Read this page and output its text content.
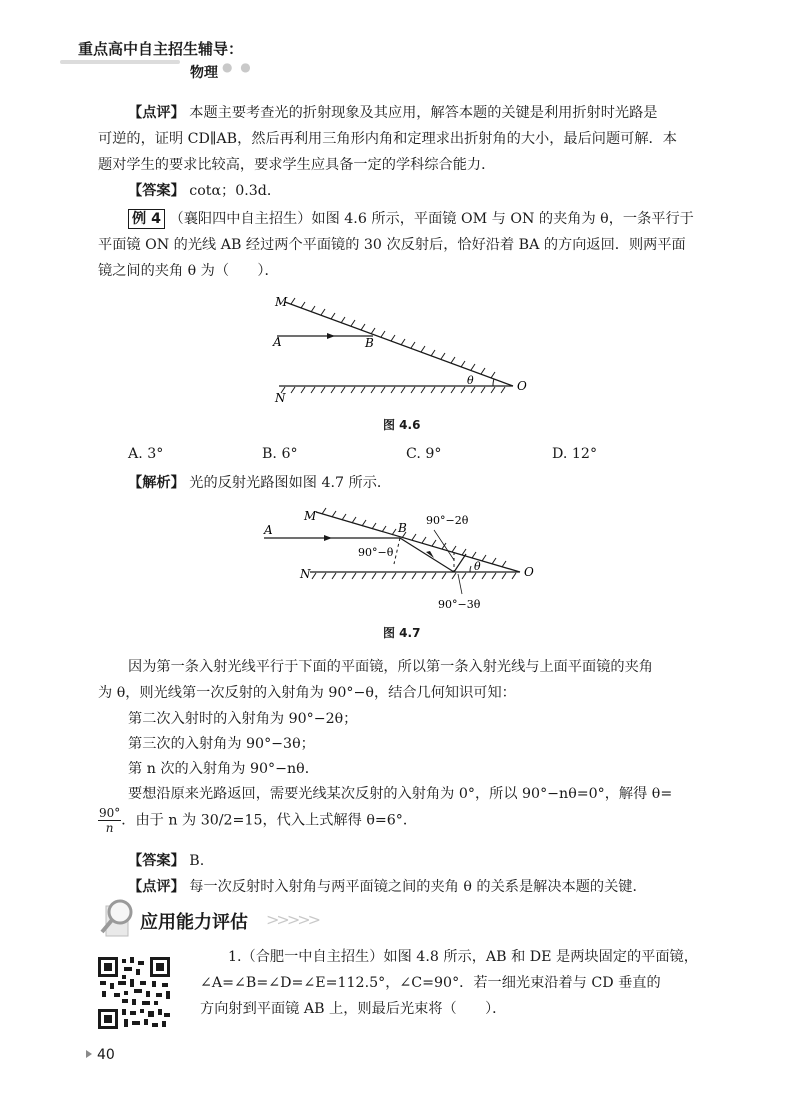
重点高中自主招生辅导：
物理 ● ●
【点评】 本题主要考查光的折射现象及其应用，解答本题的关键是利用折射时光路是
可逆的，证明 CD∥AB，然后再利用三角形内角和定理求出折射角的大小，最后问题可解．本
题对学生的要求比较高，要求学生应具备一定的学科综合能力．
【答案】 cotα；0.3d．
例 4 （襄阳四中自主招生）如图 4.6 所示，平面镜 OM 与 ON 的夹角为 θ，一条平行于
平面镜 ON 的光线 AB 经过两个平面镜的 30 次反射后，恰好沿着 BA 的方向返回．则两平面
镜之间的夹角 θ 为（　　）．
M
A	B
θ	O
N
图 4.6
A. 3°	B. 6°	C. 9°	D. 12°
【解析】 光的反射光路图如图 4.7 所示．
M
A	B
N	O
θ
90°−θ
90°−2θ
90°−3θ
图 4.7
因为第一条入射光线平行于下面的平面镜，所以第一条入射光线与上面平面镜的夹角
为 θ，则光线第一次反射的入射角为 90°−θ，结合几何知识可知：
第二次入射时的入射角为 90°−2θ；
第三次的入射角为 90°−3θ；
第 n 次的入射角为 90°−nθ．
要想沿原来光路返回，需要光线某次反射的入射角为 0°，所以 90°−nθ=0°，解得 θ=
$\frac{90^\circ}{n}$．由于 n 为 30/2=15，代入上式解得 θ=6°．
【答案】 B.
【点评】 每一次反射时入射角与两平面镜之间的夹角 θ 的关系是解决本题的关键．
应用能力评估 >>>>>
1.（合肥一中自主招生）如图 4.8 所示，AB 和 DE 是两块固定的平面镜，
∠A=∠B=∠D=∠E=112.5°，∠C=90°．若一细光束沿着与 CD 垂直的
方向射到平面镜 AB 上，则最后光束将（　　）．
40
